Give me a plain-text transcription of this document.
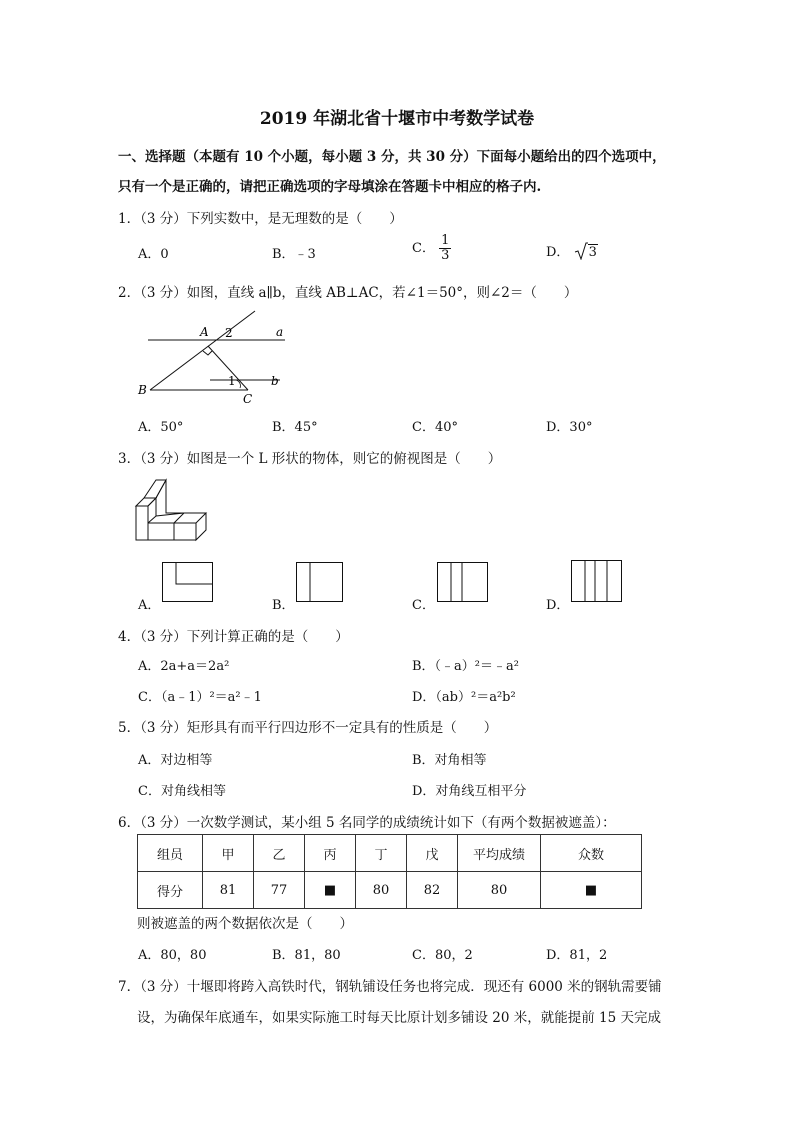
2019 年湖北省十堰市中考数学试卷
一、选择题（本题有 10 个小题，每小题 3 分，共 30 分）下面每小题给出的四个选项中，
只有一个是正确的，请把正确选项的字母填涂在答题卡中相应的格子内.
1．（3 分）下列实数中，是无理数的是（　　）
A．0	B．﹣3	C． $\frac{1}{3}$	D． 3
2．（3 分）如图，直线 a∥b，直线 AB⊥AC，若∠1＝50°，则∠2＝（　　）
A 2	a
B
1	b
C
A．50°	B．45°	C．40°	D．30°
3．（3 分）如图是一个 L 形状的物体，则它的俯视图是（　　）
A．	B．	C．	D．
4．（3 分）下列计算正确的是（　　）
A．2a+a＝2a²	B．（﹣a）²＝﹣a²
C．（a﹣1）²＝a²﹣1	D．（ab）²＝a²b²
5．（3 分）矩形具有而平行四边形不一定具有的性质是（　　）
A．对边相等	B．对角相等
C．对角线相等	D．对角线互相平分
6．（3 分）一次数学测试，某小组 5 名同学的成绩统计如下（有两个数据被遮盖）：
组员	甲	乙	丙	丁	戊	平均成绩	众数
得分	81	77	■	80	82	80	■
则被遮盖的两个数据依次是（　　）
A．80，80	B．81，80	C．80，2	D．81，2
7．（3 分）十堰即将跨入高铁时代，钢轨铺设任务也将完成．现还有 6000 米的钢轨需要铺
设，为确保年底通车，如果实际施工时每天比原计划多铺设 20 米，就能提前 15 天完成
